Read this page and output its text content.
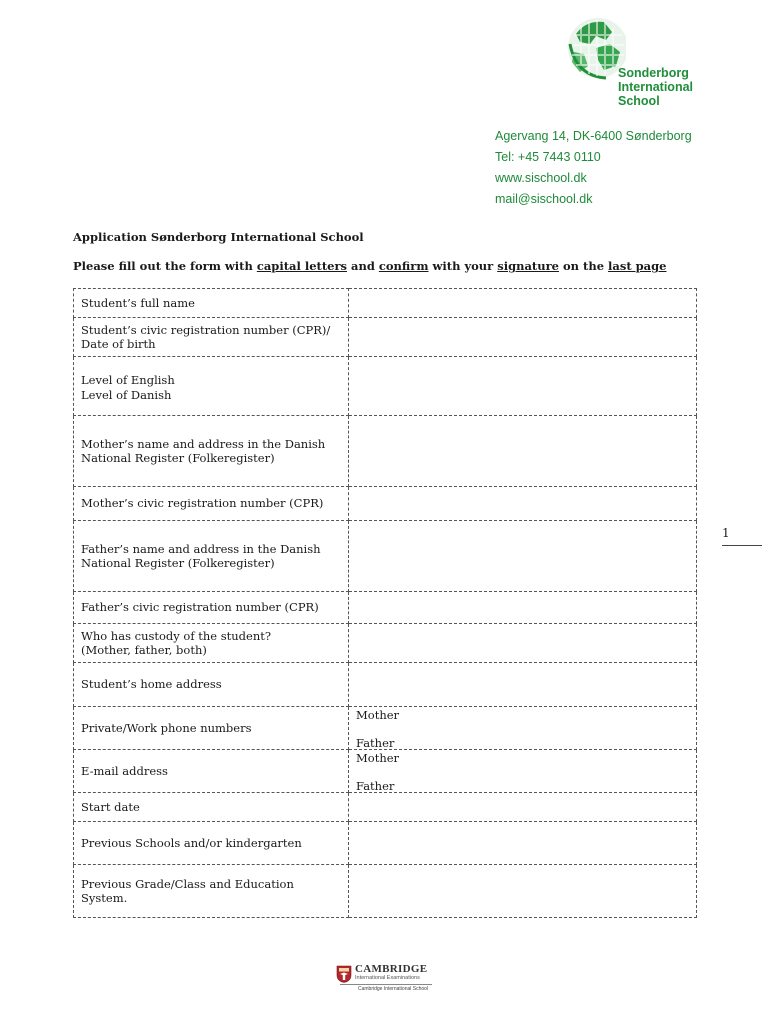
Sonderborg
International
School
Agervang 14, DK-6400 Sønderborg
Tel: +45 7443 0110
www.sischool.dk
mail@sischool.dk
Application Sønderborg International School
Please fill out the form with capital letters and confirm with your signature on the last page
Student’s full name	
Student’s civic registration number (CPR)/
Date of birth	
Level of English
Level of Danish	
Mother’s name and address in the Danish
National Register (Folkeregister)	
Mother’s civic registration number (CPR)	
Father’s name and address in the Danish
National Register (Folkeregister)	
Father’s civic registration number (CPR)	
Who has custody of the student?
(Mother, father, both)	
Student’s home address	
Private/Work phone numbers	Mother
Father

E-mail address	Mother
Father

Start date	
Previous Schools and/or kindergarten	
Previous Grade/Class and Education System.	
1
CAMBRIDGE
International Examinations
Cambridge International School
